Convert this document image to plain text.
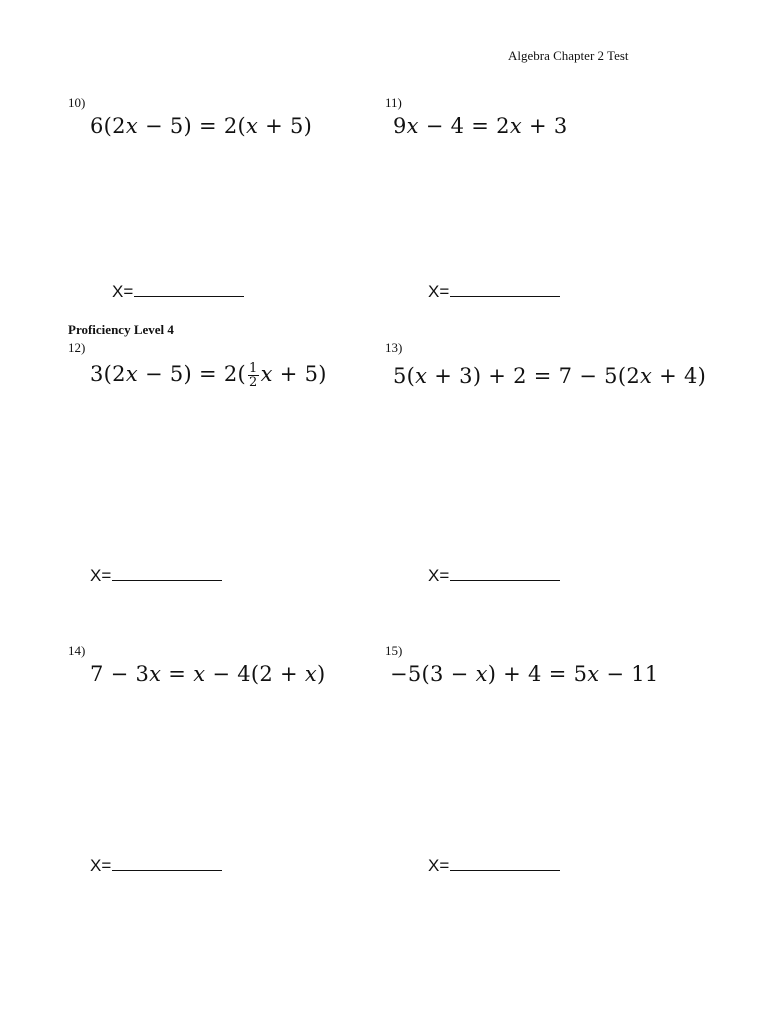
Algebra Chapter 2 Test
10)
6(2x − 5) = 2(x + 5)
X=
11)
9x − 4 = 2x + 3
X=
Proficiency Level 4
12)
$3(2x - 5) = 2( \frac{1}{2}$ x + 5)
X=
13)
5(x + 3) + 2 = 7 − 5(2x + 4)
X=
14)
7 − 3x = x − 4(2 + x)
X=
15)
−5(3 − x) + 4 = 5x − 11
X=
